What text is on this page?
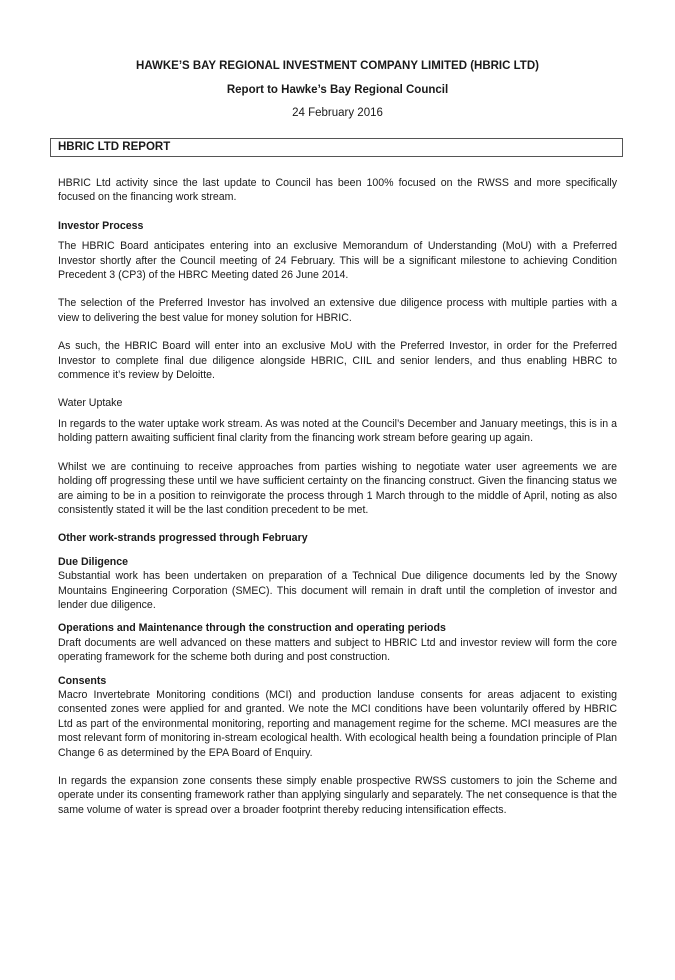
HAWKE’S BAY REGIONAL INVESTMENT COMPANY LIMITED (HBRIC LTD)
Report to Hawke’s Bay Regional Council
24 February 2016
HBRIC LTD REPORT

HBRIC Ltd activity since the last update to Council has been 100% focused on the RWSS and more specifically focused on the financing work stream.

Investor Process

The HBRIC Board anticipates entering into an exclusive Memorandum of Understanding (MoU) with a Preferred Investor shortly after the Council meeting of 24 February. This will be a significant milestone to achieving Condition Precedent 3 (CP3) of the HBRC Meeting dated 26 June 2014.

The selection of the Preferred Investor has involved an extensive due diligence process with multiple parties with a view to delivering the best value for money solution for HBRIC.

As such, the HBRIC Board will enter into an exclusive MoU with the Preferred Investor, in order for the Preferred Investor to complete final due diligence alongside HBRIC, CIIL and senior lenders, and thus enabling HBRC to commence it’s review by Deloitte.

Water Uptake

In regards to the water uptake work stream. As was noted at the Council’s December and January meetings, this is in a holding pattern awaiting sufficient final clarity from the financing work stream before gearing up again.

Whilst we are continuing to receive approaches from parties wishing to negotiate water user agreements we are holding off progressing these until we have sufficient certainty on the financing construct. Given the financing status we are aiming to be in a position to reinvigorate the process through 1 March through to the middle of April, noting as also consistently stated it will be the last condition precedent to be met.

Other work-strands progressed through February

Due Diligence

Substantial work has been undertaken on preparation of a Technical Due diligence documents led by the Snowy Mountains Engineering Corporation (SMEC). This document will remain in draft until the completion of investor and lender due diligence.

Operations and Maintenance through the construction and operating periods

Draft documents are well advanced on these matters and subject to HBRIC Ltd and investor review will form the core operating framework for the scheme both during and post construction.

Consents

Macro Invertebrate Monitoring conditions (MCI) and production landuse consents for areas adjacent to existing consented zones were applied for and granted. We note the MCI conditions have been voluntarily offered by HBRIC Ltd as part of the environmental monitoring, reporting and management regime for the scheme. MCI measures are the most relevant form of monitoring in-stream ecological health. With ecological health being a foundation principle of Plan Change 6 as determined by the EPA Board of Enquiry.

In regards the expansion zone consents these simply enable prospective RWSS customers to join the Scheme and operate under its consenting framework rather than applying singularly and separately. The net consequence is that the same volume of water is spread over a broader footprint thereby reducing intensification effects.
